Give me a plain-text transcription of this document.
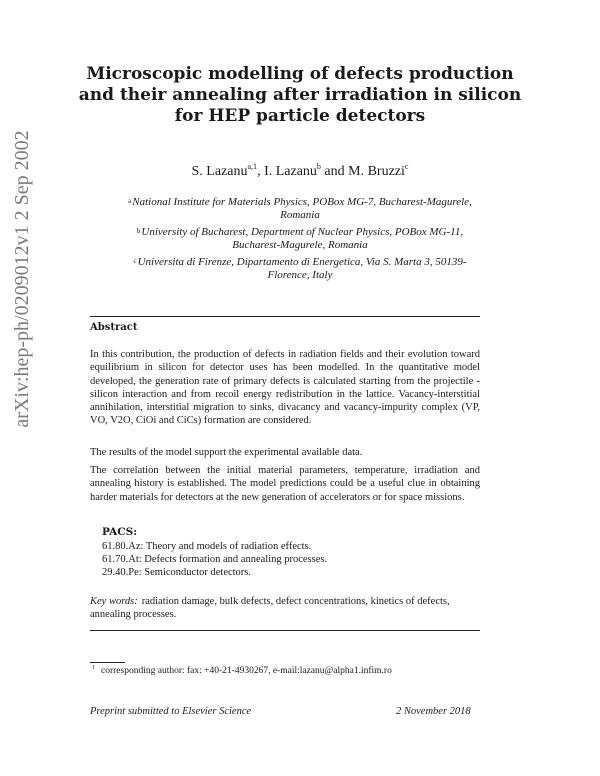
arXiv:hep-ph/0209012v1 2 Sep 2002
Microscopic modelling of defects production
and their annealing after irradiation in silicon
for HEP particle detectors
S. Lazanu$^{a,1}$, I. Lazanu$^b$ and M. Bruzzi$^c$
$^a$National Institute for Materials Physics, POBox MG-7, Bucharest-Magurele,
Romania
$^b$University of Bucharest, Department of Nuclear Physics, POBox MG-11,
Bucharest-Magurele, Romania
$^c$Universita di Firenze, Dipartamento di Energetica, Via S. Marta 3, 50139-
Florence, Italy
Abstract

In this contribution, the production of defects in radiation fields and their evolution toward equilibrium in silicon for detector uses has been modelled. In the quantitative model developed, the generation rate of primary defects is calculated starting from the projectile - silicon interaction and from recoil energy redistribution in the lattice. Vacancy-interstitial annihilation, interstitial migration to sinks, divacancy and vacancy-impurity complex (VP, VO, V2O, CiOi and CiCs) formation are considered.

The results of the model support the experimental available data.

The correlation between the initial material parameters, temperature, irradiation and annealing history is established. The model predictions could be a useful clue in obtaining harder materials for detectors at the new generation of accelerators or for space missions.

PACS:
61.80.Az: Theory and models of radiation effects.
61.70.At: Defects formation and annealing processes.
29.40.Pe: Semiconductor detectors.
Key words: radiation damage, bulk defects, defect concentrations, kinetics of defects, annealing processes.
$^1$ corresponding author: fax: +40-21-4930267, e-mail:lazanu@alpha1.infim.ro
Preprint submitted to Elsevier Science	2 November 2018
